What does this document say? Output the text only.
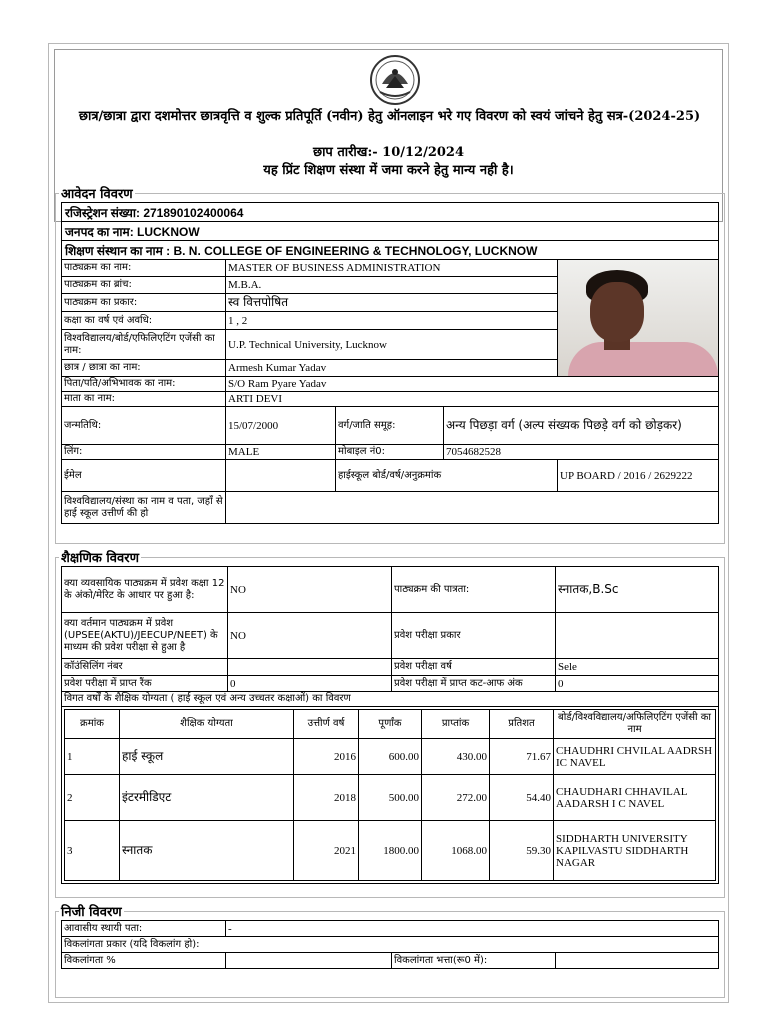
छात्र/छात्रा द्वारा दशमोत्तर छात्रवृत्ति व शुल्क प्रतिपूर्ति (नवीन) हेतु ऑनलाइन भरे गए विवरण को स्वयं जांचने हेतु सत्र-(2024-25)
छाप तारीख:- 10/12/2024
यह प्रिंट शिक्षण संस्था में जमा करने हेतु मान्य नही है।
आवेदन विवरण
रजिस्ट्रेशन संख्या: 271890102400064				
जनपद का नाम: LUCKNOW				
शिक्षण संस्थान का नाम : B. N. COLLEGE OF ENGINEERING & TECHNOLOGY, LUCKNOW				
पाठ्यक्रम का नाम:	MASTER OF BUSINESS ADMINISTRATION			

पाठ्यक्रम का ब्रांच:	M.B.A.			
पाठ्यक्रम का प्रकार:	स्व वित्तपोषित			
कक्षा का वर्ष एवं अवधि:	1 , 2			
विश्वविद्यालय/बोर्ड/एफिलिएटिंग एजेंसी का नाम:	U.P. Technical University, Lucknow			
छात्र / छात्रा का नाम:	Armesh Kumar Yadav			
पिता/पति/अभिभावक का नाम:	S/O Ram Pyare Yadav			
माता का नाम:	ARTI DEVI			
जन्मतिथि:	15/07/2000	वर्ग/जाति समूह:	अन्य पिछड़ा वर्ग (अल्प संख्यक पिछड़े वर्ग को छोड़कर)	
लिंग:	MALE	मोबाइल नं0:	7054682528	
ईमेल		हाईस्कूल बोर्ड/वर्ष/अनुक्रमांक		UP BOARD / 2016 / 2629222
विश्वविद्यालय/संस्था का नाम व पता, जहाँ से हाई स्कूल उत्तीर्ण की हो				
शैक्षणिक विवरण
क्या व्यवसायिक पाठ्यक्रम में प्रवेश कक्षा 12 के अंको/मेरिट के आधार पर हुआ है:	NO	पाठ्यक्रम की पात्रता:	स्नातक,B.Sc
क्या वर्तमान पाठ्यक्रम में प्रवेश (UPSEE(AKTU)/JEECUP/NEET) के माध्यम की प्रवेश परीक्षा से हुआ है	NO	प्रवेश परीक्षा प्रकार	
कॉउंसिलिंग नंबर		प्रवेश परीक्षा वर्ष	Sele
प्रवेश परीक्षा में प्राप्त रैंक	0	प्रवेश परीक्षा में प्राप्त कट-आफ अंक	0
विगत वर्षों के शैक्षिक योग्यता ( हाई स्कूल एवं अन्य उच्चतर कक्षाओं) का विवरण

क्रमांक	शैक्षिक योग्यता	उत्तीर्ण वर्ष	पूर्णांक	प्राप्तांक	प्रतिशत	बोर्ड/विश्वविद्यालय/अफिलिएटिंग एजेंसी का नाम
1	हाई स्कूल	2016	600.00	430.00	71.67	CHAUDHRI CHVILAL AADRSH IC NAVEL
2	इंटरमीडिएट	2018	500.00	272.00	54.40	CHAUDHARI CHHAVILAL AADARSH I C NAVEL
3	स्नातक	2021	1800.00	1068.00	59.30	SIDDHARTH UNIVERSITY KAPILVASTU SIDDHARTH NAGAR
निजी विवरण
आवासीय स्थायी पता:	-		
विकलांगता प्रकार (यदि विकलांग हो):			
विकलांगता %		विकलांगता भत्ता(रू0 में):	
